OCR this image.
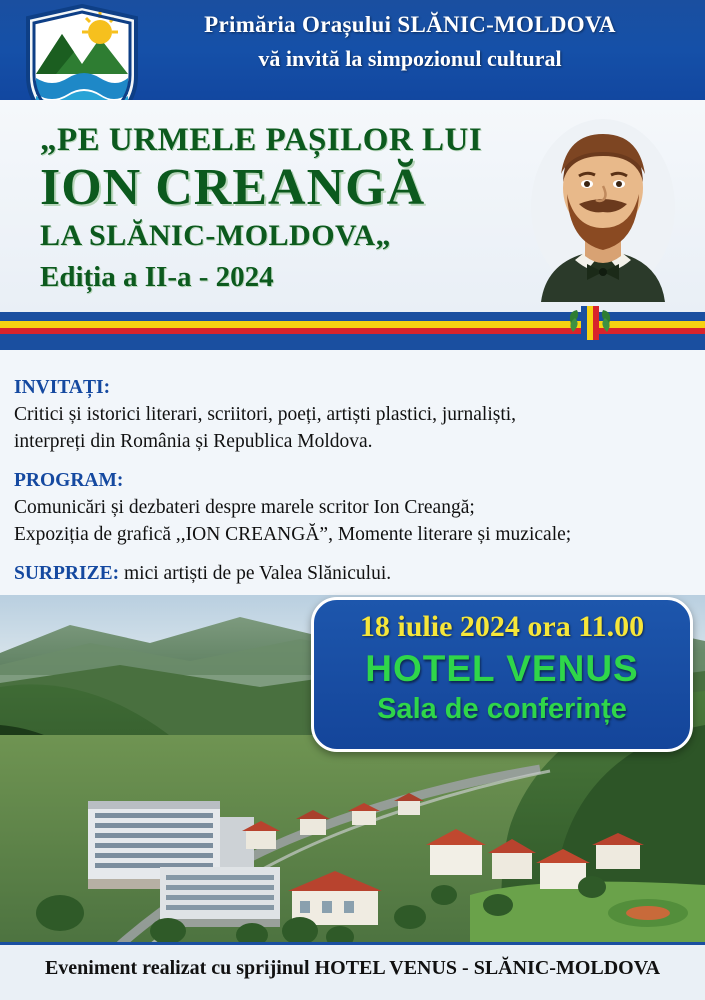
Primăria Orașului SLĂNIC-MOLDOVA
vă invită la simpozionul cultural
„PE URMELE PAȘILOR LUI
ION CREANGĂ
LA SLĂNIC-MOLDOVA„
Ediția a II-a - 2024

INVITAȚI:

Critici și istorici literari, scriitori, poeți, artiști plastici, jurnaliști,

interpreți din România și Republica Moldova.

PROGRAM:

Comunicări și dezbateri despre marele scritor Ion Creangă;

Expoziția de grafică ,,ION CREANGĂ”, Momente literare și muzicale;

SURPRIZE: mici artiști de pe Valea Slănicului.

18 iulie 2024 ora 11.00
HOTEL VENUS
Sala de conferințe
Eveniment realizat cu sprijinul HOTEL VENUS - SLĂNIC-MOLDOVA
